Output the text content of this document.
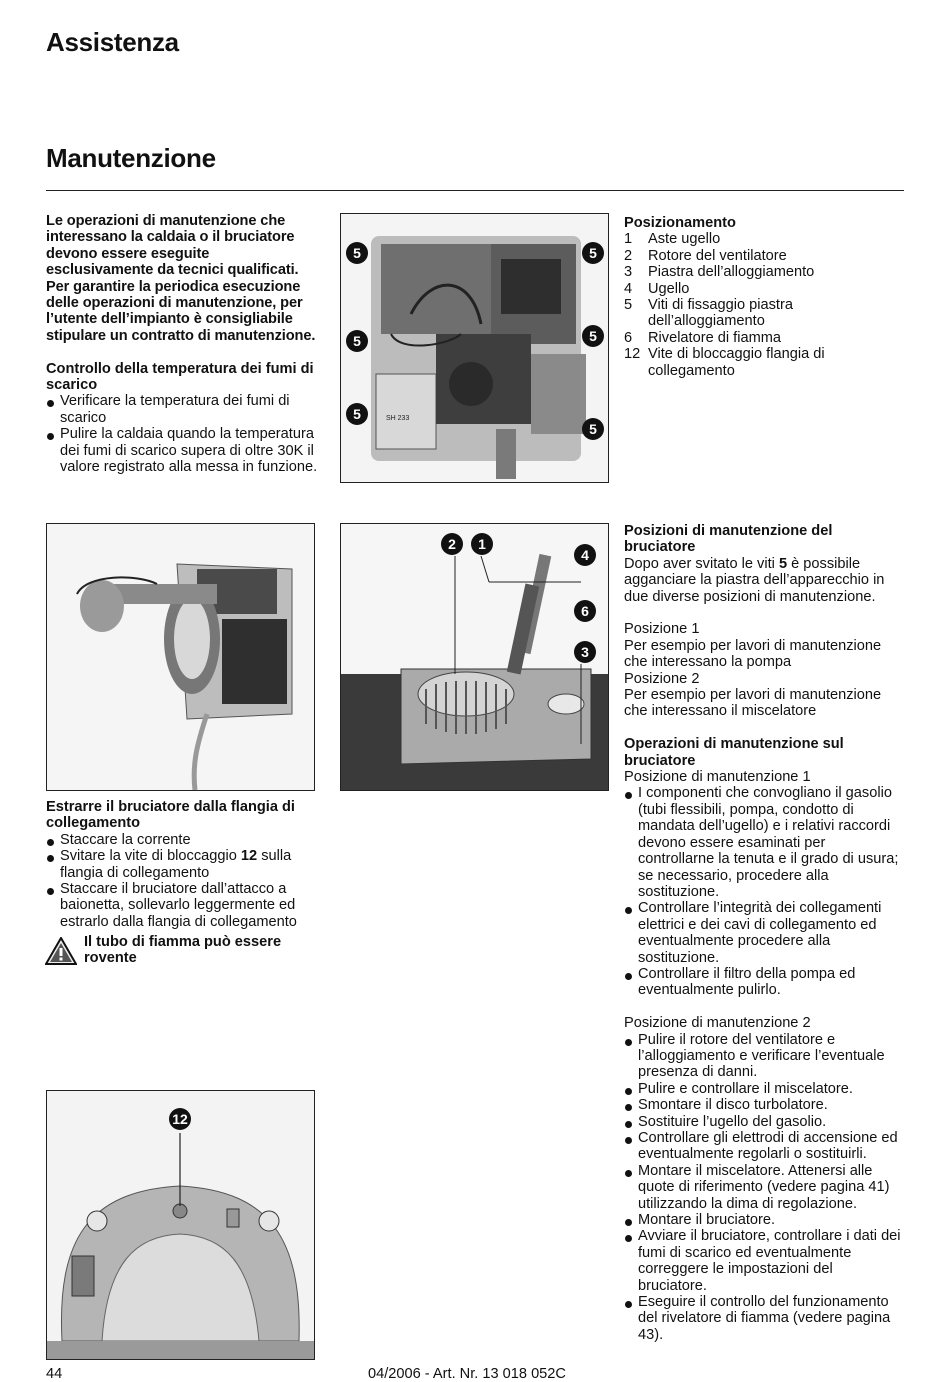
Assistenza
Manutenzione

Le operazioni di manutenzione che interessano la caldaia o il bruciatore devono essere eseguite esclusivamente da tecnici qualificati. Per garantire la periodica esecuzione delle operazioni di manutenzione, per l’utente dell’impianto è consigliabile stipulare un contratto di manutenzione.

Controllo della temperatura dei fumi di scarico

Verificare la temperatura dei fumi di scarico
Pulire la caldaia quando la temperatura dei fumi di scarico supera di oltre 30K il valore registrato alla messa in funzione.

Estrarre il bruciatore dalla flangia di collegamento

Staccare la corrente
Svitare la vite di bloccaggio 12 sulla flangia di collegamento
Staccare il bruciatore dall’attacco a baionetta, sollevarlo leggermente ed estrarlo dalla flangia di collegamento

Il tubo di fiamma può essere rovente

SH 233
5	5
5	5
5
5
2	1
4
6
3
12

Posizionamento

1	Aste ugello
2	Rotore del ventilatore
3	Piastra dell’alloggiamento
4	Ugello
5	Viti di fissaggio piastra dell’alloggiamento
6	Rivelatore di fiamma
12 Vite di bloccaggio flangia di collegamento

Posizioni di manutenzione del bruciatore

Dopo aver svitato le viti 5 è possibile agganciare la piastra dell’apparecchio in due diverse posizioni di manutenzione.

Posizione 1

Per esempio per lavori di manutenzione che interessano la pompa

Posizione 2

Per esempio per lavori di manutenzione che interessano il miscelatore

Operazioni di manutenzione sul bruciatore

Posizione di manutenzione 1

I componenti che convogliano il gasolio (tubi flessibili, pompa, condotto di mandata dell’ugello) e i relativi raccordi devono essere esaminati per controllarne la tenuta e il grado di usura; se necessario, procedere alla sostituzione.
Controllare l’integrità dei collegamenti elettrici e dei cavi di collegamento ed eventualmente procedere alla sostituzione.
Controllare il filtro della pompa ed eventualmente pulirlo.

Posizione di manutenzione 2

Pulire il rotore del ventilatore e l’alloggiamento e verificare l’eventuale presenza di danni.
Pulire e controllare il miscelatore.
Smontare il disco turbolatore.
Sostituire l’ugello del gasolio.
Controllare gli elettrodi di accensione ed eventualmente regolarli o sostituirli.
Montare il miscelatore. Attenersi alle quote di riferimento (vedere pagina 41) utilizzando la dima di regolazione.
Montare il bruciatore.
Avviare il bruciatore, controllare i dati dei fumi di scarico ed eventualmente correggere le impostazioni del bruciatore.
Eseguire il controllo del funzionamento del rivelatore di fiamma (vedere pagina 43).
44	04/2006 - Art. Nr. 13 018 052C
